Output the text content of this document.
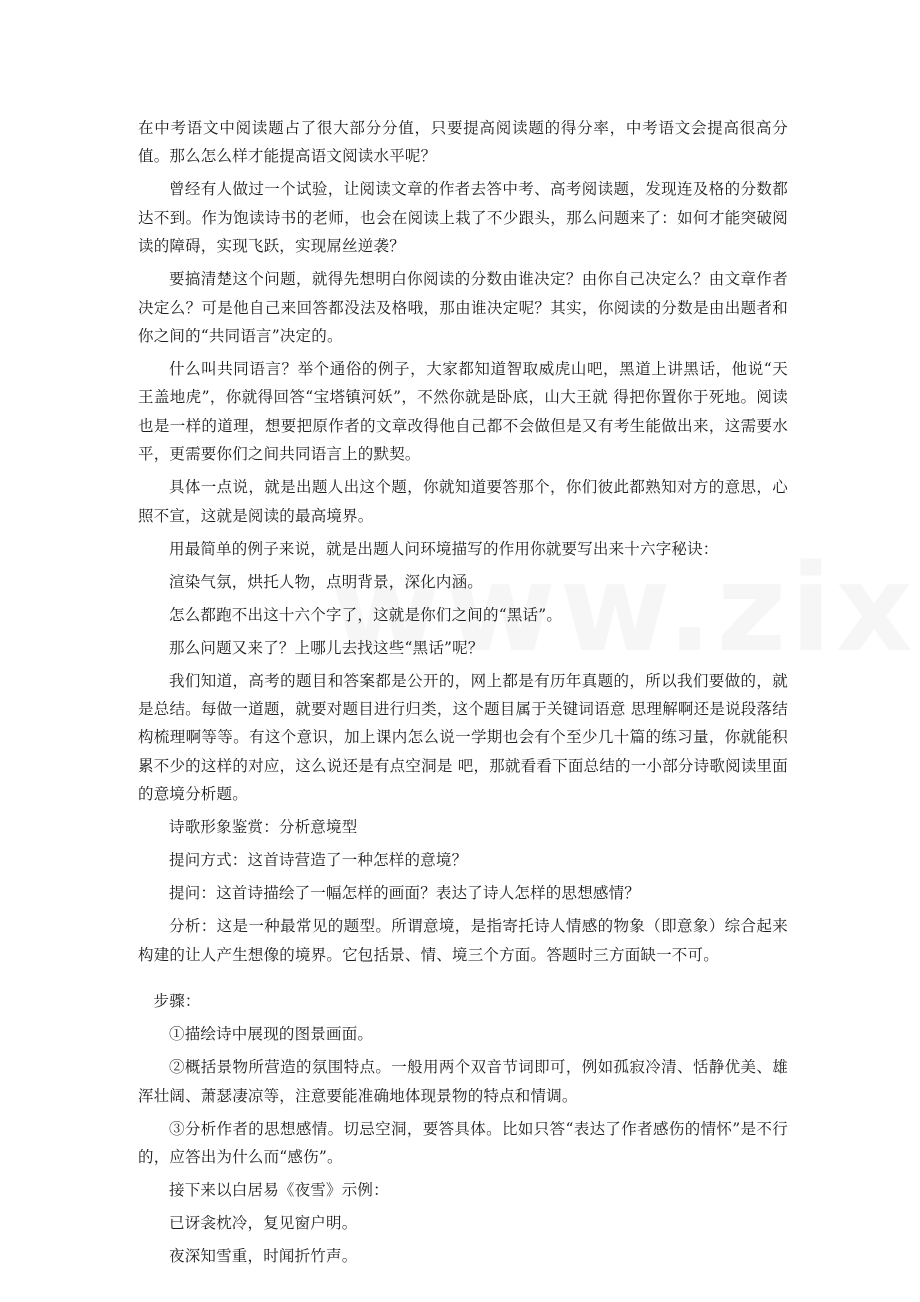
在中考语文中阅读题占了很大部分分值，只要提高阅读题的得分率，中考语文会提高很高分值。那么怎么样才能提高语文阅读水平呢？

曾经有人做过一个试验，让阅读文章的作者去答中考、高考阅读题，发现连及格的分数都达不到。作为饱读诗书的老师，也会在阅读上栽了不少跟头，那么问题来了：如何才能突破阅读的障碍，实现飞跃，实现屌丝逆袭？

要搞清楚这个问题，就得先想明白你阅读的分数由谁决定？由你自己决定么？由文章作者决定么？可是他自己来回答都没法及格哦，那由谁决定呢？其实，你阅读的分数是由出题者和你之间的“共同语言”决定的。

什么叫共同语言？举个通俗的例子，大家都知道智取威虎山吧，黑道上讲黑话，他说“天王盖地虎”，你就得回答“宝塔镇河妖”，不然你就是卧底，山大王就 得把你置你于死地。阅读也是一样的道理，想要把原作者的文章改得他自己都不会做但是又有考生能做出来，这需要水平，更需要你们之间共同语言上的默契。

具体一点说，就是出题人出这个题，你就知道要答那个，你们彼此都熟知对方的意思，心照不宣，这就是阅读的最高境界。

用最简单的例子来说，就是出题人问环境描写的作用你就要写出来十六字秘诀：

渲染气氛，烘托人物，点明背景，深化内涵。

怎么都跑不出这十六个字了，这就是你们之间的“黑话”。

那么问题又来了？上哪儿去找这些“黑话”呢？

我们知道，高考的题目和答案都是公开的，网上都是有历年真题的，所以我们要做的，就是总结。每做一道题，就要对题目进行归类，这个题目属于关键词语意 思理解啊还是说段落结构梳理啊等等。有这个意识，加上课内怎么说一学期也会有个至少几十篇的练习量，你就能积累不少的这样的对应，这么说还是有点空洞是 吧，那就看看下面总结的一小部分诗歌阅读里面的意境分析题。

诗歌形象鉴赏：分析意境型

提问方式：这首诗营造了一种怎样的意境？

提问：这首诗描绘了一幅怎样的画面？表达了诗人怎样的思想感情？

分析：这是一种最常见的题型。所谓意境，是指寄托诗人情感的物象（即意象）综合起来构建的让人产生想像的境界。它包括景、情、境三个方面。答题时三方面缺一不可。

步骤：

①描绘诗中展现的图景画面。

②概括景物所营造的氛围特点。一般用两个双音节词即可，例如孤寂冷清、恬静优美、雄浑壮阔、萧瑟凄凉等，注意要能准确地体现景物的特点和情调。

③分析作者的思想感情。切忌空洞，要答具体。比如只答“表达了作者感伤的情怀”是不行的，应答出为什么而“感伤”。

接下来以白居易《夜雪》示例：

已讶衾枕冷，复见窗户明。

夜深知雪重，时闻折竹声。
